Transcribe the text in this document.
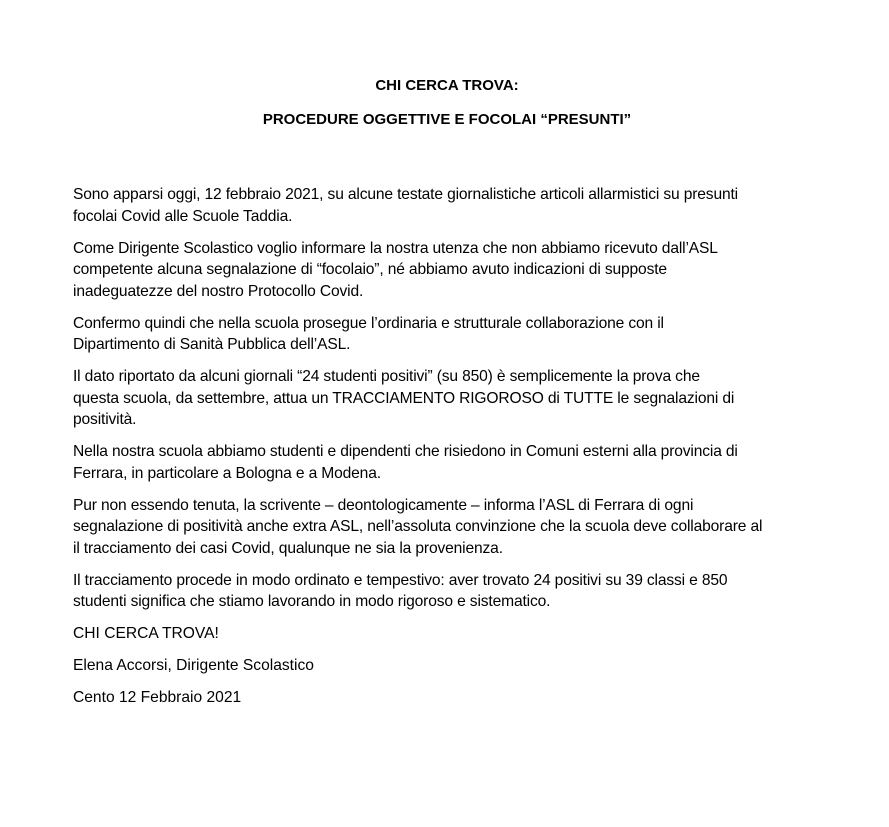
CHI CERCA TROVA:

PROCEDURE OGGETTIVE E FOCOLAI “PRESUNTI”

Sono apparsi oggi, 12 febbraio 2021, su alcune testate giornalistiche articoli allarmistici su presunti
focolai Covid alle Scuole Taddia.

Come Dirigente Scolastico voglio informare la nostra utenza che non abbiamo ricevuto dall’ASL
competente alcuna segnalazione di “focolaio”, né abbiamo avuto indicazioni di supposte
inadeguatezze del nostro Protocollo Covid.

Confermo quindi che nella scuola prosegue l’ordinaria e strutturale collaborazione con il
Dipartimento di Sanità Pubblica dell’ASL.

Il dato riportato da alcuni giornali “24 studenti positivi” (su 850) è semplicemente la prova che
questa scuola, da settembre, attua un TRACCIAMENTO RIGOROSO di TUTTE le segnalazioni di
positività.

Nella nostra scuola abbiamo studenti e dipendenti che risiedono in Comuni esterni alla provincia di
Ferrara, in particolare a Bologna e a Modena.

Pur non essendo tenuta, la scrivente – deontologicamente – informa l’ASL di Ferrara di ogni
segnalazione di positività anche extra ASL, nell’assoluta convinzione che la scuola deve collaborare al
il tracciamento dei casi Covid, qualunque ne sia la provenienza.

Il tracciamento procede in modo ordinato e tempestivo: aver trovato 24 positivi su 39 classi e 850
studenti significa che stiamo lavorando in modo rigoroso e sistematico.

CHI CERCA TROVA!

Elena Accorsi, Dirigente Scolastico

Cento 12 Febbraio 2021
